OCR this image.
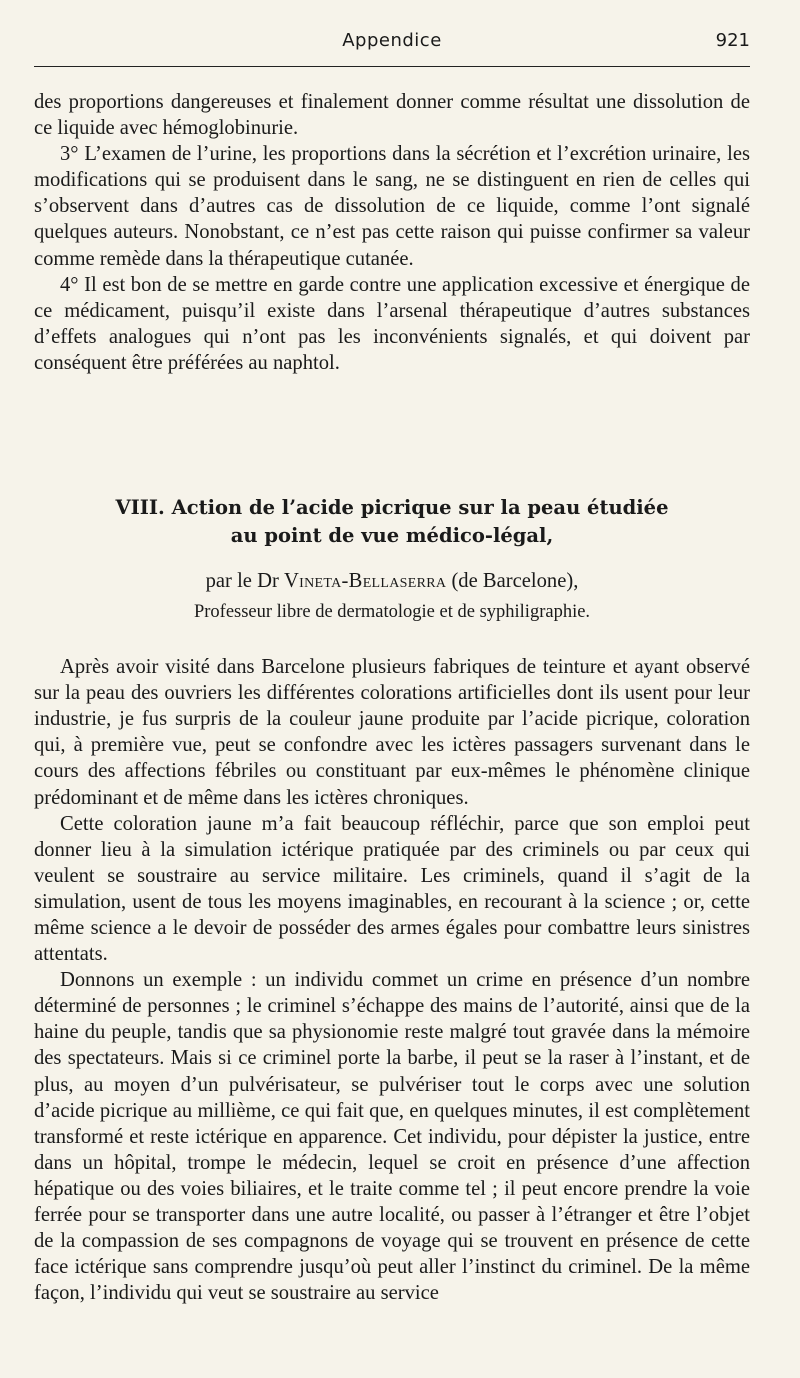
Appendice	921

des proportions dangereuses et finalement donner comme résultat une dissolution de ce liquide avec hémoglobinurie.

3° L’examen de l’urine, les proportions dans la sécrétion et l’excrétion urinaire, les modifications qui se produisent dans le sang, ne se distinguent en rien de celles qui s’observent dans d’autres cas de dissolution de ce liquide, comme l’ont signalé quelques auteurs. Nonobstant, ce n’est pas cette raison qui puisse confirmer sa valeur comme remède dans la thérapeutique cutanée.

4° Il est bon de se mettre en garde contre une application excessive et énergique de ce médicament, puisqu’il existe dans l’arsenal thérapeutique d’autres substances d’effets analogues qui n’ont pas les inconvénients signalés, et qui doivent par conséquent être préférées au naphtol.

VIII. Action de l’acide picrique sur la peau étudiée
au point de vue médico-légal,
par le Dr Vineta-Bellaserra (de Barcelone),
Professeur libre de dermatologie et de syphiligraphie.

Après avoir visité dans Barcelone plusieurs fabriques de teinture et ayant observé sur la peau des ouvriers les différentes colorations artificielles dont ils usent pour leur industrie, je fus surpris de la couleur jaune produite par l’acide picrique, coloration qui, à première vue, peut se confondre avec les ictères passagers survenant dans le cours des affections fébriles ou constituant par eux-mêmes le phénomène clinique prédominant et de même dans les ictères chroniques.

Cette coloration jaune m’a fait beaucoup réfléchir, parce que son emploi peut donner lieu à la simulation ictérique pratiquée par des criminels ou par ceux qui veulent se soustraire au service militaire. Les criminels, quand il s’agit de la simulation, usent de tous les moyens imaginables, en recourant à la science ; or, cette même science a le devoir de posséder des armes égales pour combattre leurs sinistres attentats.

Donnons un exemple : un individu commet un crime en présence d’un nombre déterminé de personnes ; le criminel s’échappe des mains de l’autorité, ainsi que de la haine du peuple, tandis que sa physionomie reste malgré tout gravée dans la mémoire des spectateurs. Mais si ce criminel porte la barbe, il peut se la raser à l’instant, et de plus, au moyen d’un pulvérisateur, se pulvériser tout le corps avec une solution d’acide picrique au millième, ce qui fait que, en quelques minutes, il est complètement transformé et reste ictérique en apparence. Cet individu, pour dépister la justice, entre dans un hôpital, trompe le médecin, lequel se croit en présence d’une affection hépatique ou des voies biliaires, et le traite comme tel ; il peut encore prendre la voie ferrée pour se transporter dans une autre localité, ou passer à l’étranger et être l’objet de la compassion de ses compagnons de voyage qui se trouvent en présence de cette face ictérique sans comprendre jusqu’où peut aller l’instinct du criminel. De la même façon, l’individu qui veut se soustraire au service
